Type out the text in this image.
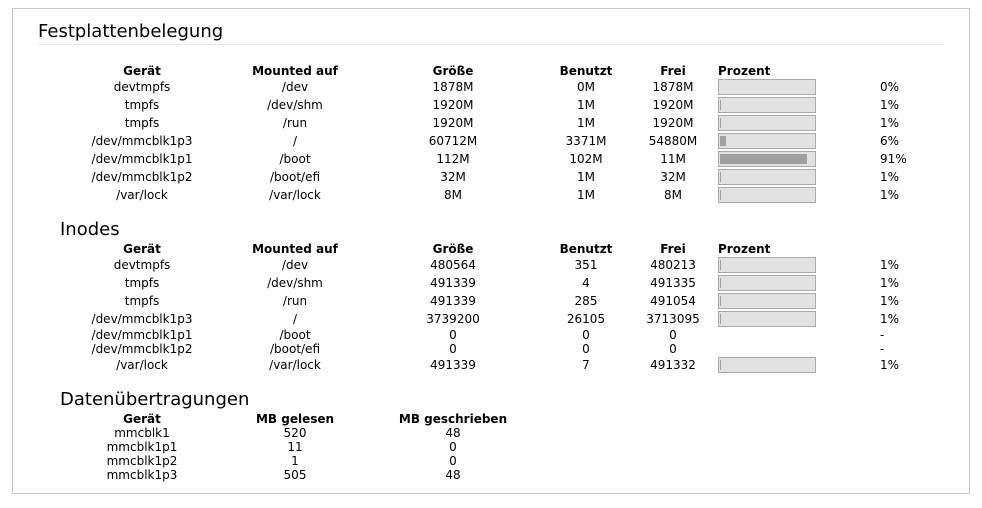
Festplattenbelegung
Gerät	Mounted auf	Größe	Benutzt	Frei	Prozent
devtmpfs	/dev	1878M	0M	1878M	0%
tmpfs	/dev/shm	1920M	1M	1920M	1%
tmpfs	/run	1920M	1M	1920M	1%
/dev/mmcblk1p3	/	60712M	3371M	54880M	6%
/dev/mmcblk1p1	/boot	112M	102M	11M	91%
/dev/mmcblk1p2	/boot/efi	32M	1M	32M	1%
/var/lock	/var/lock	8M	1M	8M	1%
Inodes
Gerät	Mounted auf	Größe	Benutzt	Frei	Prozent
devtmpfs	/dev	480564	351	480213	1%
tmpfs	/dev/shm	491339	4	491335	1%
tmpfs	/run	491339	285	491054	1%
/dev/mmcblk1p3	/	3739200	26105	3713095	1%
/dev/mmcblk1p1	/boot	0	0	0	-
/dev/mmcblk1p2	/boot/efi	0	0	0	-
/var/lock	/var/lock	491339	7	491332	1%
Datenübertragungen
Gerät	MB gelesen	MB geschrieben
mmcblk1	520	48
mmcblk1p1	11	0
mmcblk1p2	1	0
mmcblk1p3	505	48
